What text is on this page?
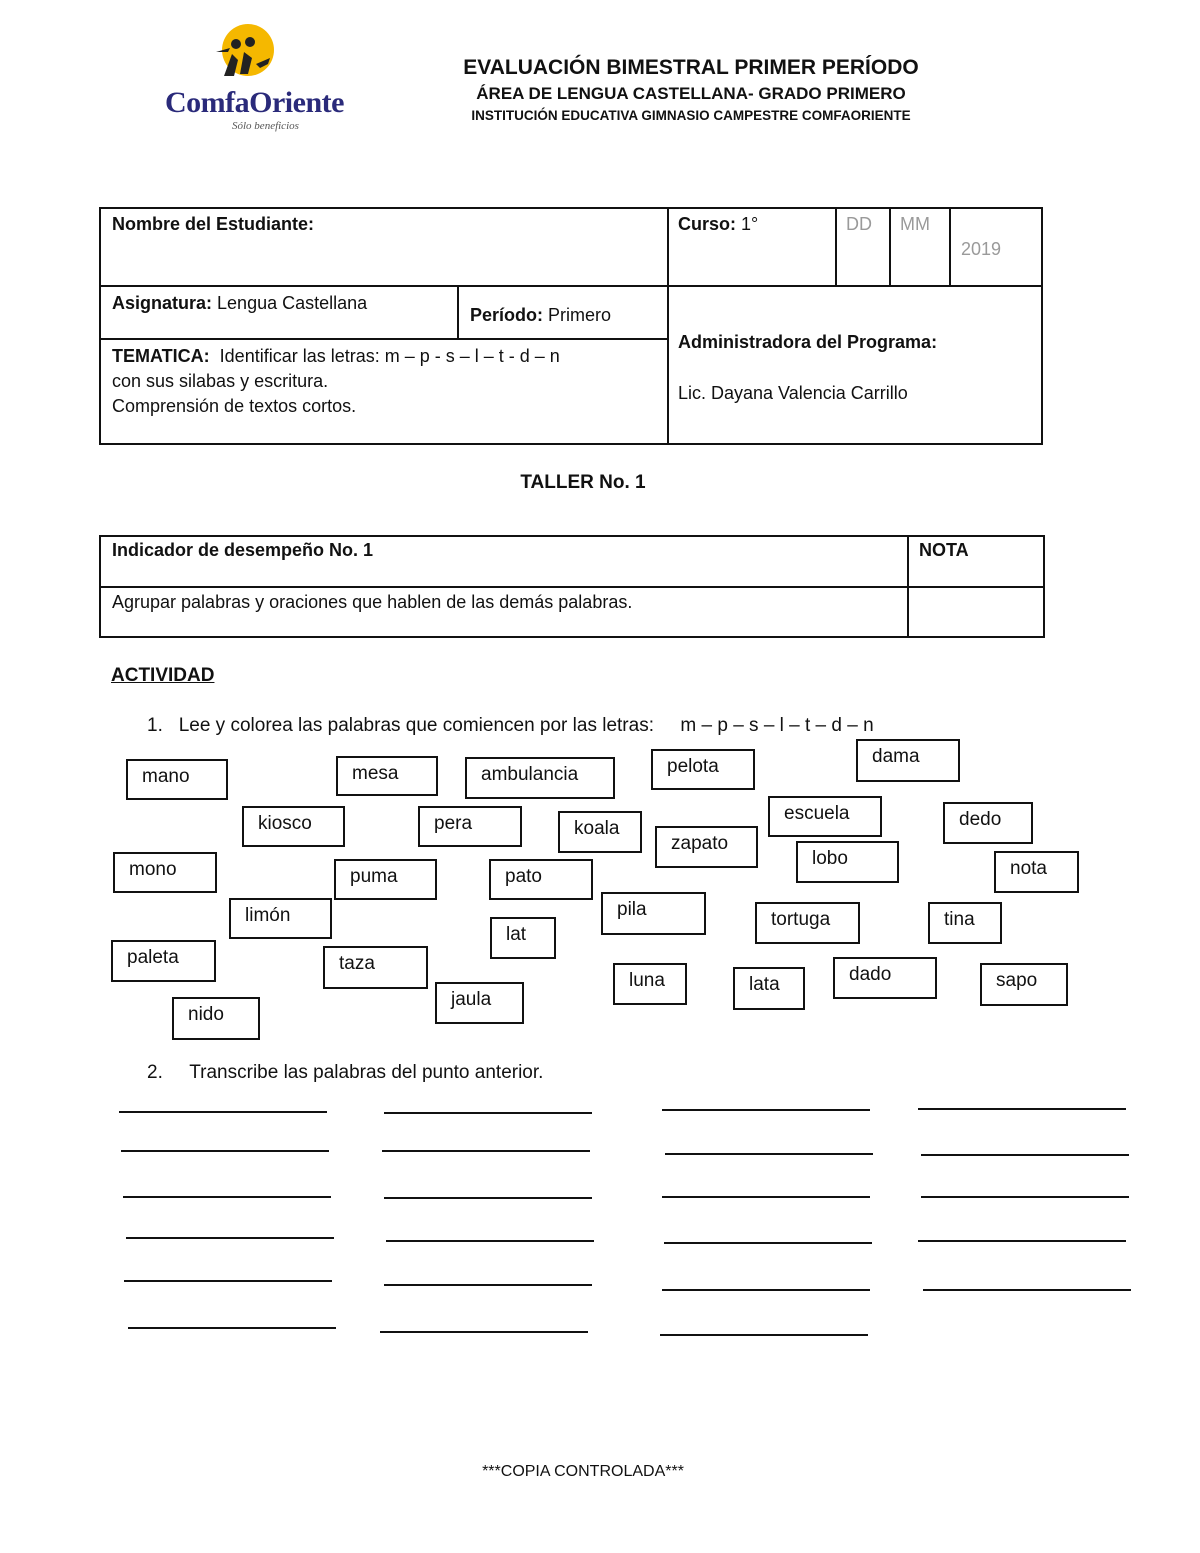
ComfaOriente
Sólo beneficios
EVALUACIÓN BIMESTRAL PRIMER PERÍODO
ÁREA DE LENGUA CASTELLANA- GRADO PRIMERO
INSTITUCIÓN EDUCATIVA GIMNASIO CAMPESTRE COMFAORIENTE
Nombre del Estudiante:	Curso: 1°	DD MM
2019
Asignatura: Lengua Castellana
Período: Primero
TEMATICA: Identificar las letras: m – p - s – l – t - d – n
con sus silabas y escritura.
Comprensión de textos cortos.
Administradora del Programa:
Lic. Dayana Valencia Carrillo
TALLER No. 1
Indicador de desempeño No. 1	NOTA
Agrupar palabras y oraciones que hablen de las demás palabras.
ACTIVIDAD
1. Lee y colorea las palabras que comiencen por las letras: m – p – s – l – t – d – n
mano	mesa	ambulancia	pelota	dama
kiosco	pera	koala
zapato
escuela	dedo
lobo
mono	puma	pato	nota
limón	pila	tortuga	tina
lat
paleta	taza
jaula
luna	lata	dado	sapo
nido
2. Transcribe las palabras del punto anterior.
***COPIA CONTROLADA***
